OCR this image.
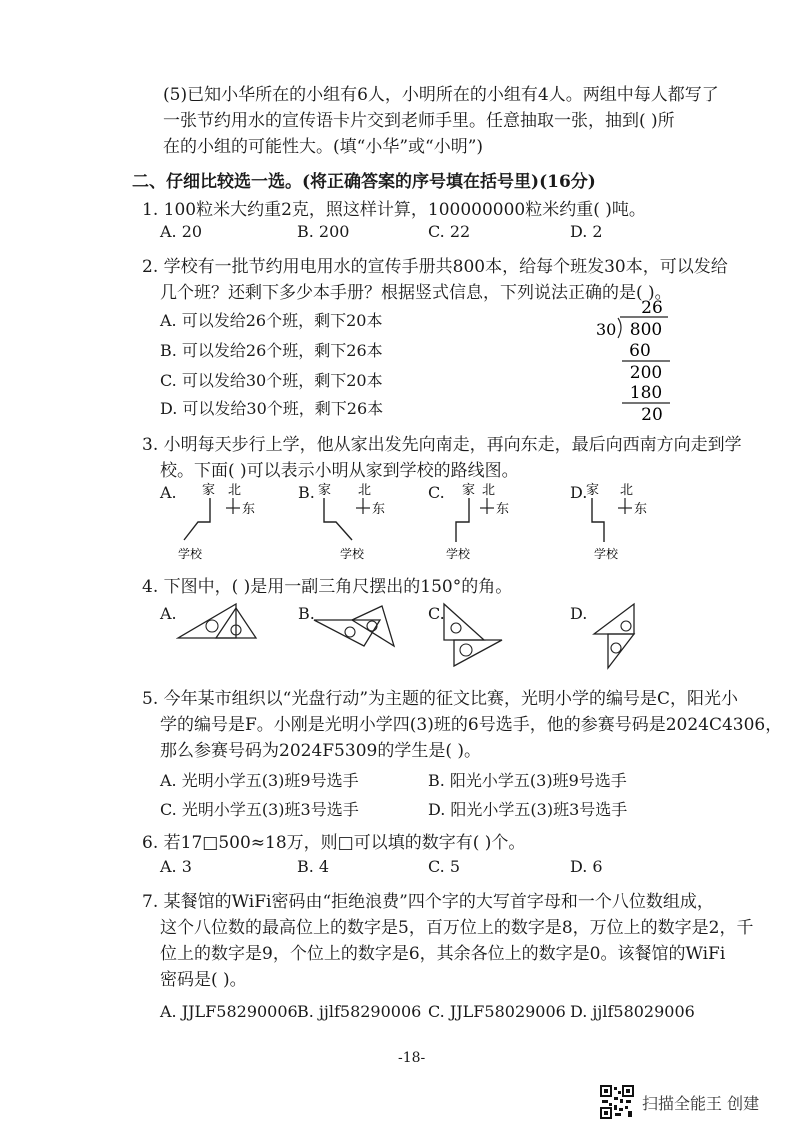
(5)已知小华所在的小组有6人，小明所在的小组有4人。两组中每人都写了
一张节约用水的宣传语卡片交到老师手里。任意抽取一张，抽到( )所
在的小组的可能性大。(填“小华”或“小明”)
二、仔细比较选一选。(将正确答案的序号填在括号里)(16分)
1. 100粒米大约重2克，照这样计算，100000000粒米约重( )吨。
A. 20	B. 200	C. 22	D. 2
2. 学校有一批节约用电用水的宣传手册共800本，给每个班发30本，可以发给
几个班？还剩下多少本手册？根据竖式信息，下列说法正确的是( )。
A. 可以发给26个班，剩下20本
B. 可以发给26个班，剩下26本
C. 可以发给30个班，剩下20本
D. 可以发给30个班，剩下26本
26
30 800
60
200
180
20
3. 小明每天步行上学，他从家出发先向南走，再向东走，最后向西南方向走到学
校。下面( )可以表示小明从家到学校的路线图。
A. 家 北
东
学校
B. 家 北
东
学校
C. 家 北
东
学校
D.
家 北
东
学校
4. 下图中，( )是用一副三角尺摆出的150°的角。
A.	B.	C.	D.
5. 今年某市组织以“光盘行动”为主题的征文比赛，光明小学的编号是C，阳光小
学的编号是F。小刚是光明小学四(3)班的6号选手，他的参赛号码是2024C4306，
那么参赛号码为2024F5309的学生是( )。
A. 光明小学五(3)班9号选手	B. 阳光小学五(3)班9号选手
C. 光明小学五(3)班3号选手	D. 阳光小学五(3)班3号选手
6. 若17□500≈18万，则□可以填的数字有( )个。
A. 3	B. 4	C. 5	D. 6
7. 某餐馆的WiFi密码由“拒绝浪费”四个字的大写首字母和一个八位数组成，
这个八位数的最高位上的数字是5，百万位上的数字是8，万位上的数字是2，千
位上的数字是9，个位上的数字是6，其余各位上的数字是0。该餐馆的WiFi
密码是( )。
A. JJLF58290006 B. jjlf58290006 C. JJLF58029006 D. jjlf58029006
-18-
扫描全能王 创建
